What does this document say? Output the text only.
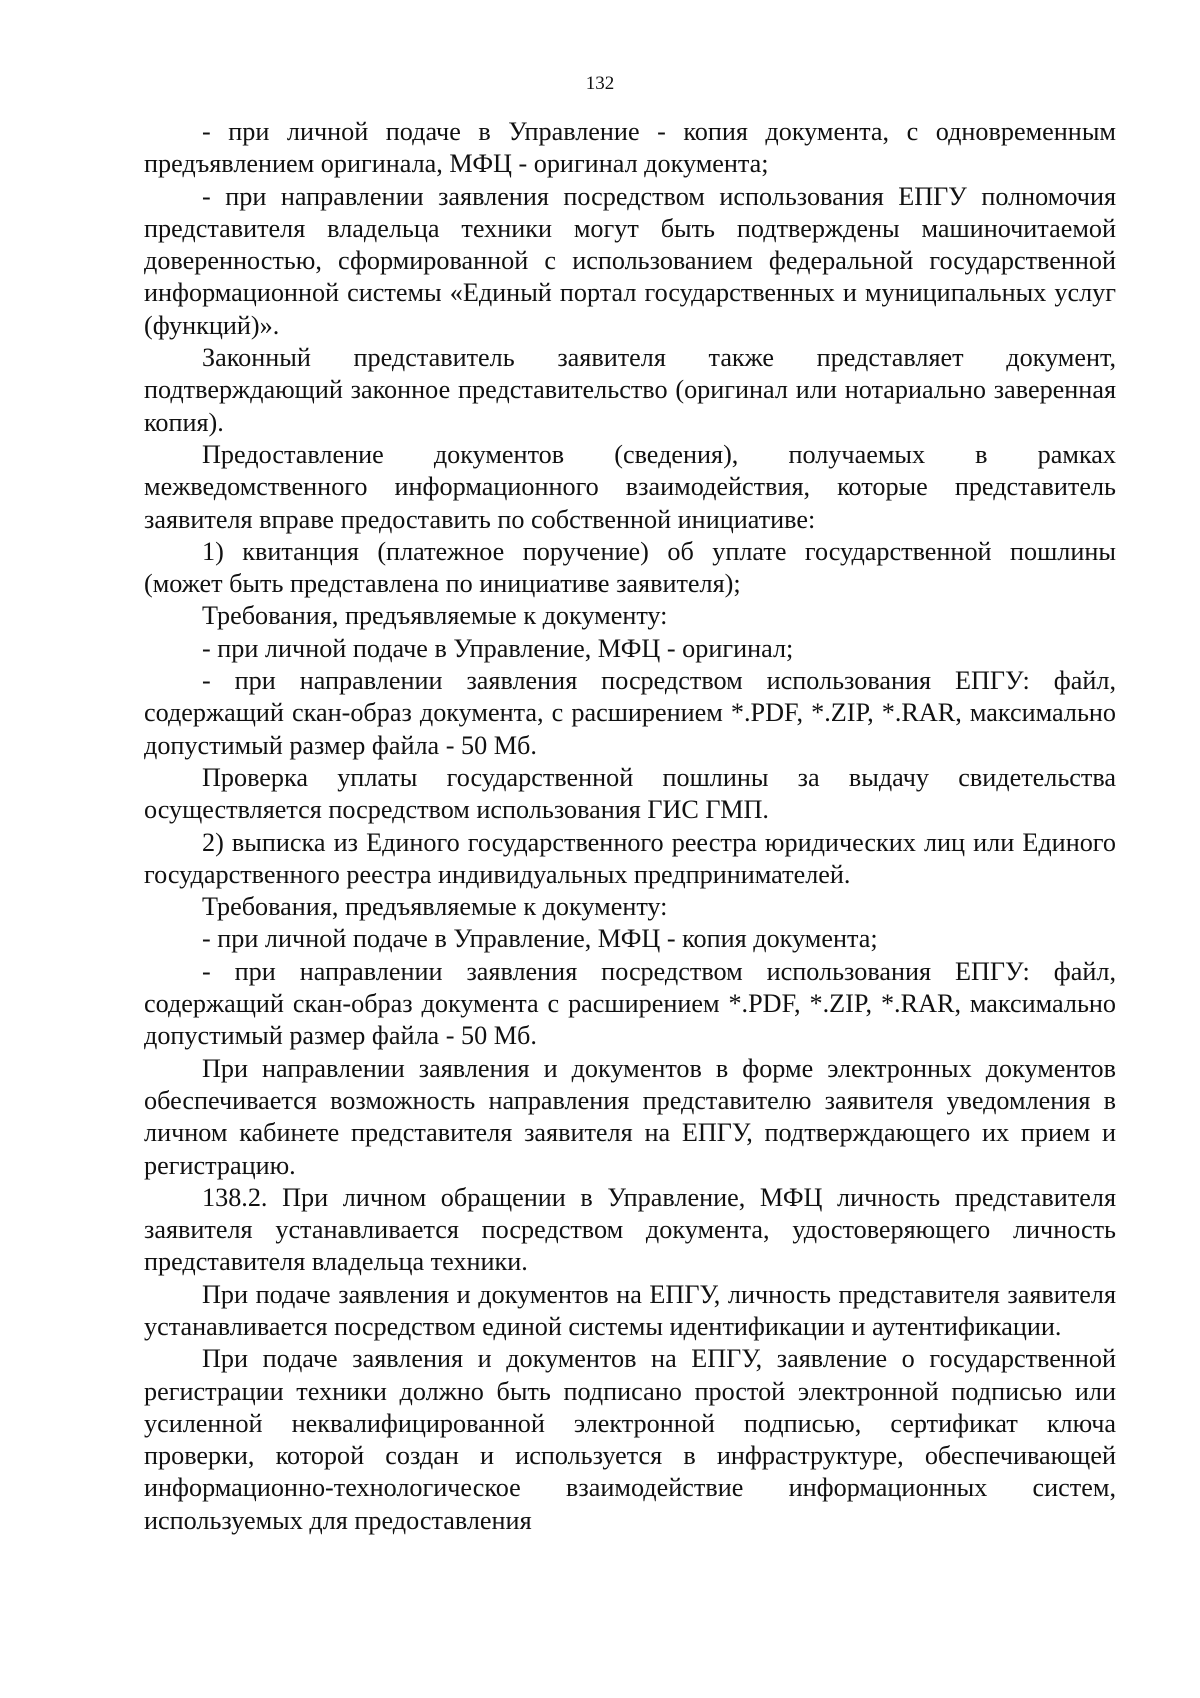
132

- при личной подаче в Управление - копия документа, с одновременным предъявлением оригинала, МФЦ - оригинал документа;

- при направлении заявления посредством использования ЕПГУ полномочия представителя владельца техники могут быть подтверждены машиночитаемой доверенностью, сформированной с использованием федеральной государственной информационной системы «Единый портал государственных и муниципальных услуг (функций)».

Законный представитель заявителя также представляет документ, подтверждающий законное представительство (оригинал или нотариально заверенная копия).

Предоставление документов (сведения), получаемых в рамках межведомственного информационного взаимодействия, которые представитель заявителя вправе предоставить по собственной инициативе:

1) квитанция (платежное поручение) об уплате государственной пошлины (может быть представлена по инициативе заявителя);

Требования, предъявляемые к документу:

- при личной подаче в Управление, МФЦ - оригинал;

- при направлении заявления посредством использования ЕПГУ: файл, содержащий скан-образ документа, с расширением *.PDF, *.ZIP, *.RAR, максимально допустимый размер файла - 50 Мб.

Проверка уплаты государственной пошлины за выдачу свидетельства осуществляется посредством использования ГИС ГМП.

2) выписка из Единого государственного реестра юридических лиц или Единого государственного реестра индивидуальных предпринимателей.

Требования, предъявляемые к документу:

- при личной подаче в Управление, МФЦ - копия документа;

- при направлении заявления посредством использования ЕПГУ: файл, содержащий скан-образ документа с расширением *.PDF, *.ZIP, *.RAR, максимально допустимый размер файла - 50 Мб.

При направлении заявления и документов в форме электронных документов обеспечивается возможность направления представителю заявителя уведомления в личном кабинете представителя заявителя на ЕПГУ, подтверждающего их прием и регистрацию.

138.2. При личном обращении в Управление, МФЦ личность представителя заявителя устанавливается посредством документа, удостоверяющего личность представителя владельца техники.

При подаче заявления и документов на ЕПГУ, личность представителя заявителя устанавливается посредством единой системы идентификации и аутентификации.

При подаче заявления и документов на ЕПГУ, заявление о государственной регистрации техники должно быть подписано простой электронной подписью или усиленной неквалифицированной электронной подписью, сертификат ключа проверки, которой создан и используется в инфраструктуре, обеспечивающей информационно-технологическое взаимодействие информационных систем, используемых для предоставления
